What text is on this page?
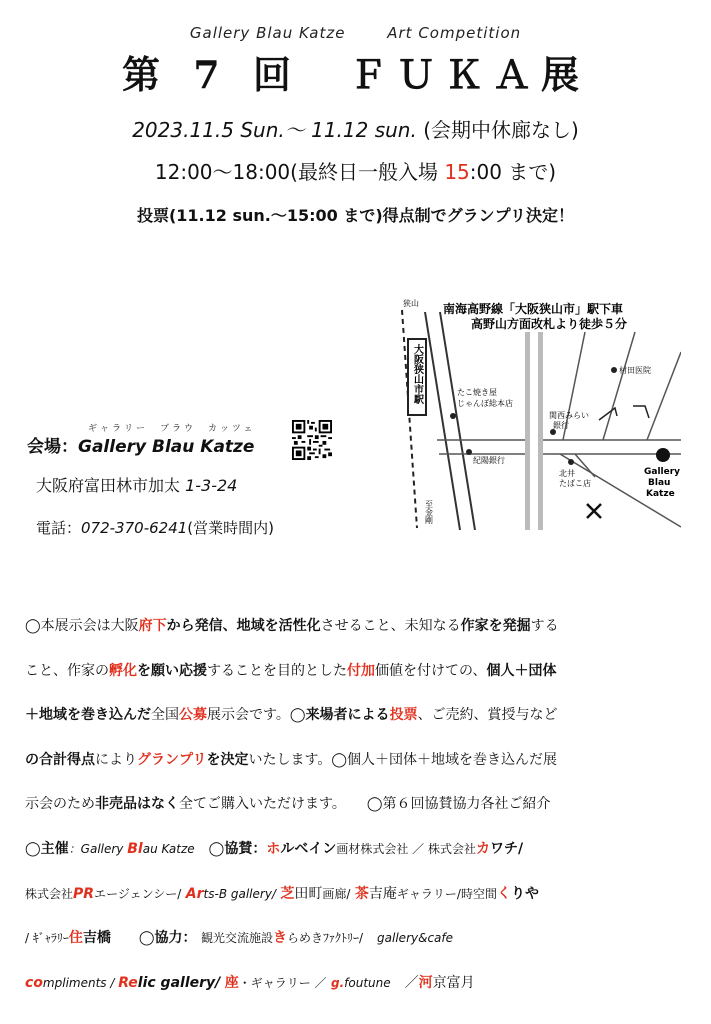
Gallery Blau Katze	Art Competition
第 7 回　ＦＵＫＡ展
2023.11.5 Sun.〜 11.12 sun. (会期中休廊なし)
12:00〜18:00(最終日一般入場 15:00 まで)
投票(11.12 sun.〜15:00 まで)得点制でグランプリ決定！
ギャラリー　ブラウ　カッツェ
会場：Gallery Blau Katze
大阪府富田林市加太 1-3-24
電話：072-370-6241(営業時間内)
南海高野線「大阪狭山市」駅下車
高野山方面改札より徒歩５分
狭山
大阪狭山市駅
至金剛
たこ焼き屋
じゃんぼ総本店
紀陽銀行
関西みらい
銀行
北井
たばこ店
村田医院
Gallery
Blau
Katze

◯本展示会は大阪府下から発信、地域を活性化させること、未知なる作家を発掘する

こと、作家の孵化を願い応援することを目的とした付加価値を付けての、個人＋団体

＋地域を巻き込んだ全国公募展示会です。◯来場者による投票、ご売約、賞授与など

の合計得点によりグランプリを決定いたします。◯個人＋団体＋地域を巻き込んだ展

示会のため非売品はなく全てご購入いただけます。　　◯第６回協賛協力各社ご紹介

◯主催：Gallery Blau Katze　◯協賛：ホルベイン画材株式会社 ／ 株式会社カワチ/

株式会社PRエージェンシー/ Arts-B gallery/ 芝田町画廊/ 茶吉庵ギャラリー/時空間くりや

/ ｷﾞｬﾗﾘｰ住吉橋　　◯協力： 観光交流施設きらめきﾌｧｸﾄﾘｰ/　 gallery&cafe

compliments / Relic gallery/ 座・ギャラリー ／ g.foutune　 ／河京富月
